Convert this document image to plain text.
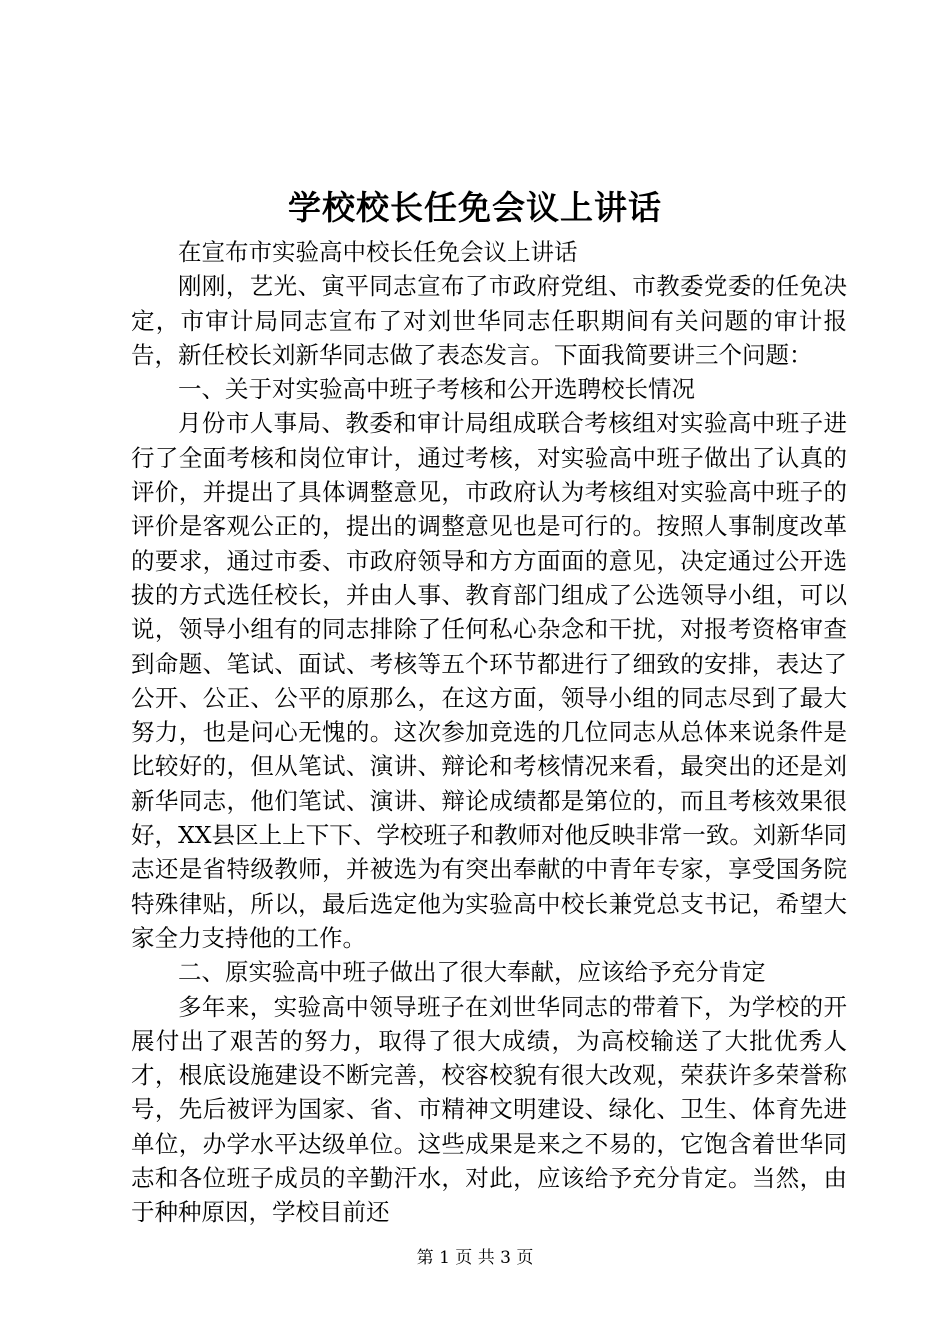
学校校长任免会议上讲话

在宣布市实验高中校长任免会议上讲话

刚刚，艺光、寅平同志宣布了市政府党组、市教委党委的任免决定，市审计局同志宣布了对刘世华同志任职期间有关问题的审计报告，新任校长刘新华同志做了表态发言。下面我简要讲三个问题：

一、关于对实验高中班子考核和公开选聘校长情况

月份市人事局、教委和审计局组成联合考核组对实验高中班子进行了全面考核和岗位审计，通过考核，对实验高中班子做出了认真的评价，并提出了具体调整意见，市政府认为考核组对实验高中班子的评价是客观公正的，提出的调整意见也是可行的。按照人事制度改革的要求，通过市委、市政府领导和方方面面的意见，决定通过公开选拔的方式选任校长，并由人事、教育部门组成了公选领导小组，可以说，领导小组有的同志排除了任何私心杂念和干扰，对报考资格审查到命题、笔试、面试、考核等五个环节都进行了细致的安排，表达了公开、公正、公平的原那么，在这方面，领导小组的同志尽到了最大努力，也是问心无愧的。这次参加竞选的几位同志从总体来说条件是比较好的，但从笔试、演讲、辩论和考核情况来看，最突出的还是刘新华同志，他们笔试、演讲、辩论成绩都是第位的，而且考核效果很好，XX县区上上下下、学校班子和教师对他反映非常一致。刘新华同志还是省特级教师，并被选为有突出奉献的中青年专家，享受国务院特殊律贴，所以，最后选定他为实验高中校长兼党总支书记，希望大家全力支持他的工作。

二、原实验高中班子做出了很大奉献，应该给予充分肯定

多年来，实验高中领导班子在刘世华同志的带着下，为学校的开展付出了艰苦的努力，取得了很大成绩，为高校输送了大批优秀人才，根底设施建设不断完善，校容校貌有很大改观，荣获许多荣誉称号，先后被评为国家、省、市精神文明建设、绿化、卫生、体育先进单位，办学水平达级单位。这些成果是来之不易的，它饱含着世华同志和各位班子成员的辛勤汗水，对此，应该给予充分肯定。当然，由于种种原因，学校目前还

第 1 页 共 3 页
